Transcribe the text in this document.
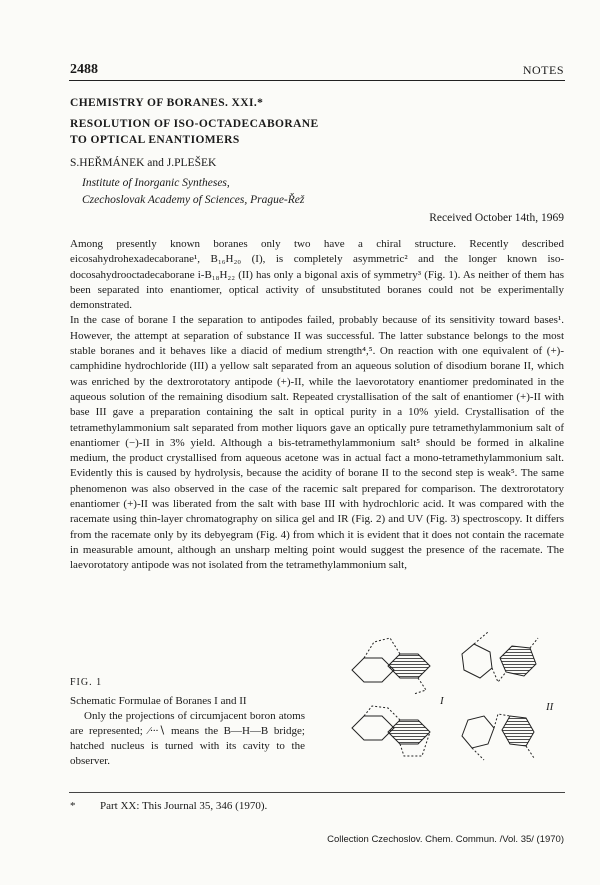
2488	NOTES
CHEMISTRY OF BORANES. XXI.*
RESOLUTION OF ISO-OCTADECABORANE
TO OPTICAL ENANTIOMERS
S.HEŘMÁNEK and J.PLEŠEK
Institute of Inorganic Syntheses,
Czechoslovak Academy of Sciences, Prague-Řež
Received October 14th, 1969

Among presently known boranes only two have a chiral structure. Recently described eicosahydrohexadecaborane¹, B₁₆H₂₀ (I), is completely asymmetric² and the longer known iso-docosahydrooctadecaborane i-B₁₈H₂₂ (II) has only a bigonal axis of symmetry³ (Fig. 1). As neither of them has been separated into enantiomer, optical activity of unsubstituted boranes could not be experimentally demonstrated.

In the case of borane I the separation to antipodes failed, probably because of its sensitivity toward bases¹. However, the attempt at separation of substance II was successful. The latter substance belongs to the most stable boranes and it behaves like a diacid of medium strength⁴,⁵. On reaction with one equivalent of (+)-camphidine hydrochloride (III) a yellow salt separated from an aqueous solution of disodium borane II, which was enriched by the dextrorotatory antipode (+)-II, while the laevorotatory enantiomer predominated in the aqueous solution of the remaining disodium salt. Repeated crystallisation of the salt of enantiomer (+)-II with base III gave a preparation containing the salt in optical purity in a 10% yield. Crystallisation of the tetramethylammonium salt separated from mother liquors gave an optically pure tetramethylammonium salt of enantiomer (−)-II in 3% yield. Although a bis-tetramethylammonium salt⁵ should be formed in alkaline medium, the product crystallised from aqueous acetone was in actual fact a mono-tetramethylammonium salt. Evidently this is caused by hydrolysis, because the acidity of borane II to the second step is weak⁵. The same phenomenon was also observed in the case of the racemic salt prepared for comparison. The dextrorotatory enantiomer (+)-II was liberated from the salt with base III with hydrochloric acid. It was compared with the racemate using thin-layer chromatography on silica gel and IR (Fig. 2) and UV (Fig. 3) spectroscopy. It differs from the racemate only by its debyegram (Fig. 4) from which it is evident that it does not contain the racemate in measurable amount, although an unsharp melting point would suggest the presence of the racemate. The laevorotatory antipode was not isolated from the tetramethylammonium salt,

FIG. 1

Schematic Formulae of Boranes I and II

Only the projections of circumjacent boron atoms are represented; ⁄∙∙∙∖ means the B—H—B bridge; hatched nucleus is turned with its cavity to the observer.

I	II
* Part XX: This Journal 35, 346 (1970).
Collection Czechoslov. Chem. Commun. /Vol. 35/ (1970)
